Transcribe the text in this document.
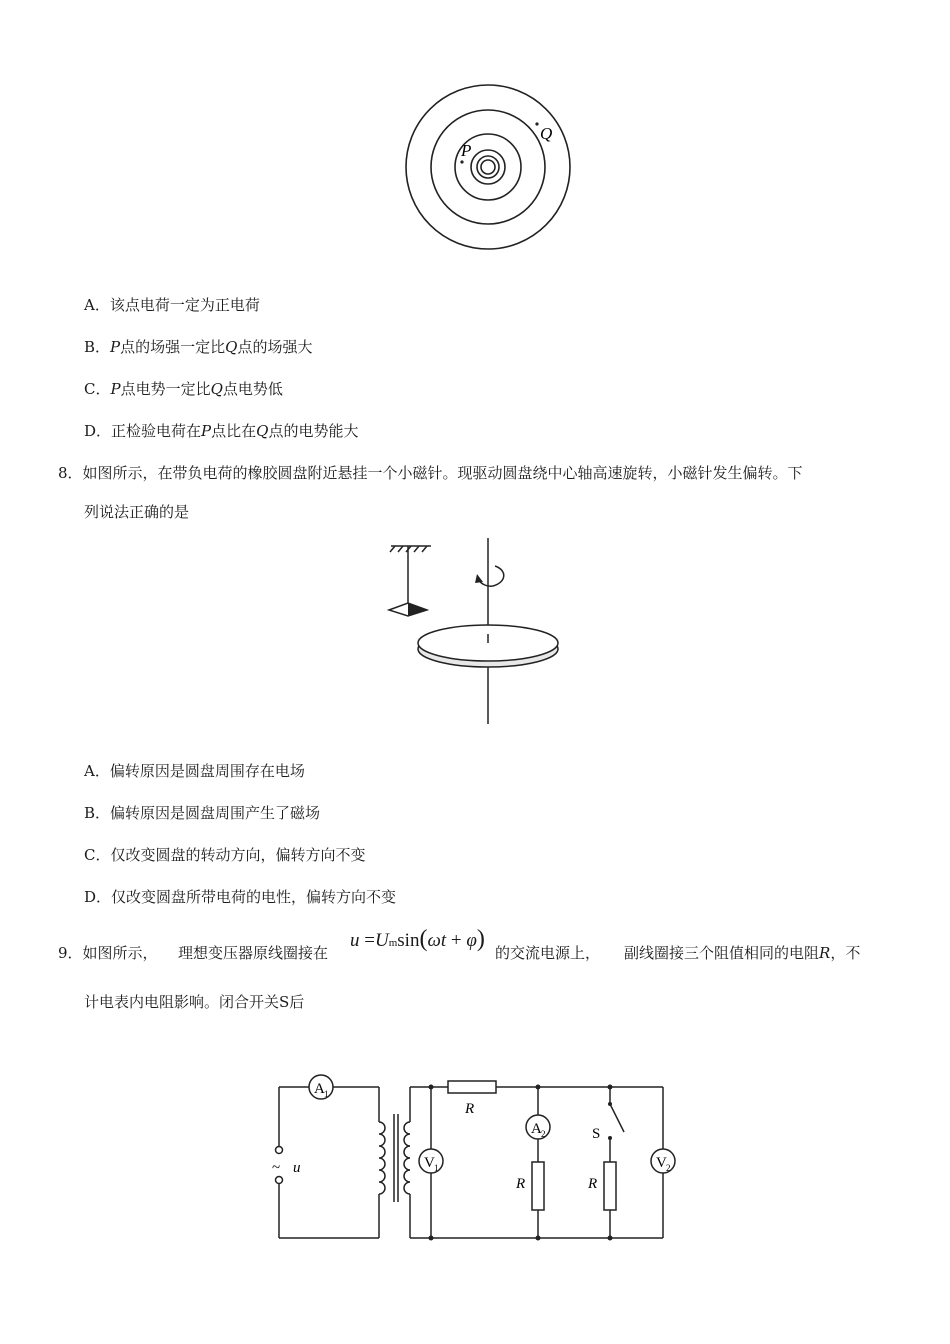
P
Q
A．该点电荷一定为正电荷
B．P点的场强一定比Q点的场强大
C．P点电势一定比Q点电势低
D．正检验电荷在P点比在Q点的电势能大
8．如图所示，在带负电荷的橡胶圆盘附近悬挂一个小磁针。现驱动圆盘绕中心轴高速旋转，小磁针发生偏转。下
列说法正确的是
A．偏转原因是圆盘周围存在电场
B．偏转原因是圆盘周围产生了磁场
C．仅改变圆盘的转动方向，偏转方向不变
D．仅改变圆盘所带电荷的电性，偏转方向不变
9．如图所示， 理想变压器原线圈接在
u =Umsin(ωt + φ)
的交流电源上， 副线圈接三个阻值相同的电阻R，不
计电表内电阻影响。闭合开关S后
A 1
V 1
A 2
V 2
R
R	R
S
~ u
